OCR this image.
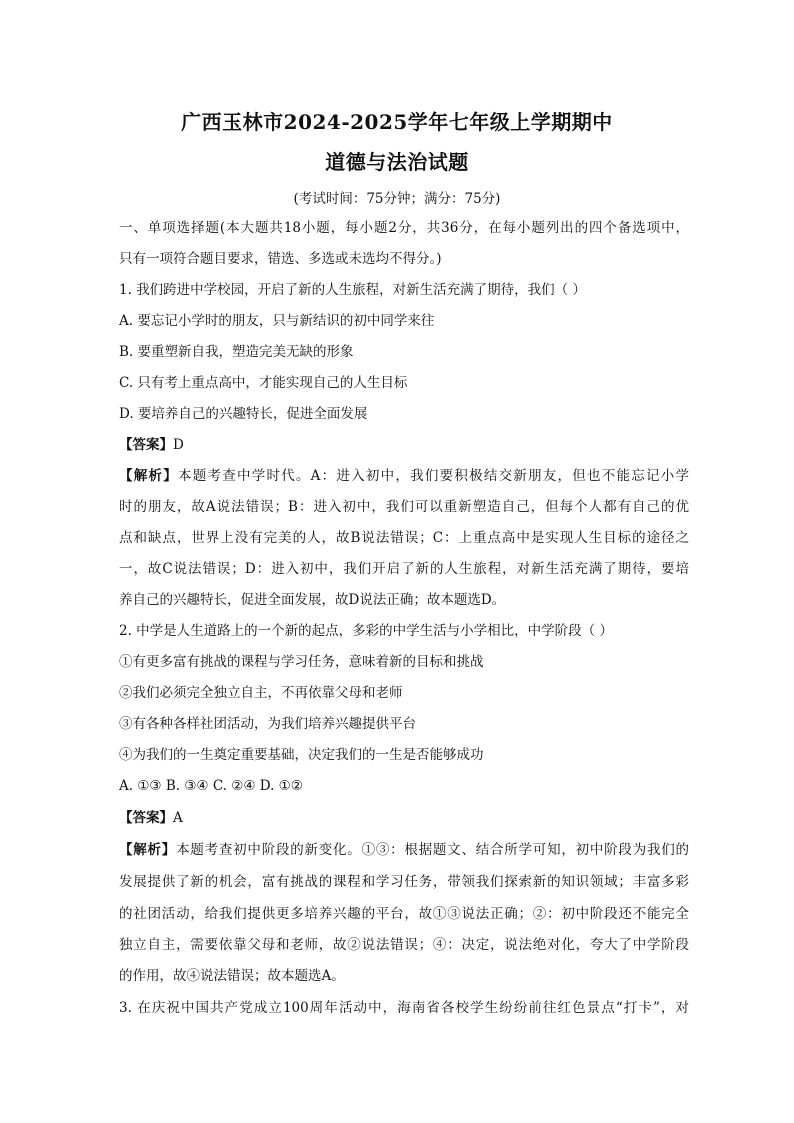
广西玉林市2024-2025学年七年级上学期期中
道德与法治试题
(考试时间：75分钟；满分：75分)
一、单项选择题(本大题共18小题，每小题2分，共36分，在每小题列出的四个备选项中，
只有一项符合题目要求，错选、多选或未选均不得分。)
1. 我们跨进中学校园，开启了新的人生旅程，对新生活充满了期待，我们（ ）
A. 要忘记小学时的朋友，只与新结识的初中同学来往
B. 要重塑新自我，塑造完美无缺的形象
C. 只有考上重点高中，才能实现自己的人生目标
D. 要培养自己的兴趣特长，促进全面发展
【答案】D
【解析】本题考查中学时代。A：进入初中，我们要积极结交新朋友，但也不能忘记小学
时的朋友，故A说法错误；B：进入初中，我们可以重新塑造自己，但每个人都有自己的优
点和缺点，世界上没有完美的人，故B说法错误；C：上重点高中是实现人生目标的途径之
一，故C说法错误；D：进入初中，我们开启了新的人生旅程，对新生活充满了期待，要培
养自己的兴趣特长，促进全面发展，故D说法正确；故本题选D。
2. 中学是人生道路上的一个新的起点，多彩的中学生活与小学相比，中学阶段（ ）
①有更多富有挑战的课程与学习任务，意味着新的目标和挑战
②我们必须完全独立自主，不再依靠父母和老师
③有各种各样社团活动，为我们培养兴趣提供平台
④为我们的一生奠定重要基础，决定我们的一生是否能够成功
A. ①③ B. ③④ C. ②④ D. ①②
【答案】A
【解析】本题考查初中阶段的新变化。①③：根据题文、结合所学可知，初中阶段为我们的
发展提供了新的机会，富有挑战的课程和学习任务，带领我们探索新的知识领域；丰富多彩
的社团活动，给我们提供更多培养兴趣的平台，故①③说法正确；②：初中阶段还不能完全
独立自主，需要依靠父母和老师，故②说法错误；④：决定，说法绝对化，夸大了中学阶段
的作用，故④说法错误；故本题选A。
3. 在庆祝中国共产党成立100周年活动中，海南省各校学生纷纷前往红色景点“打卡”，对
